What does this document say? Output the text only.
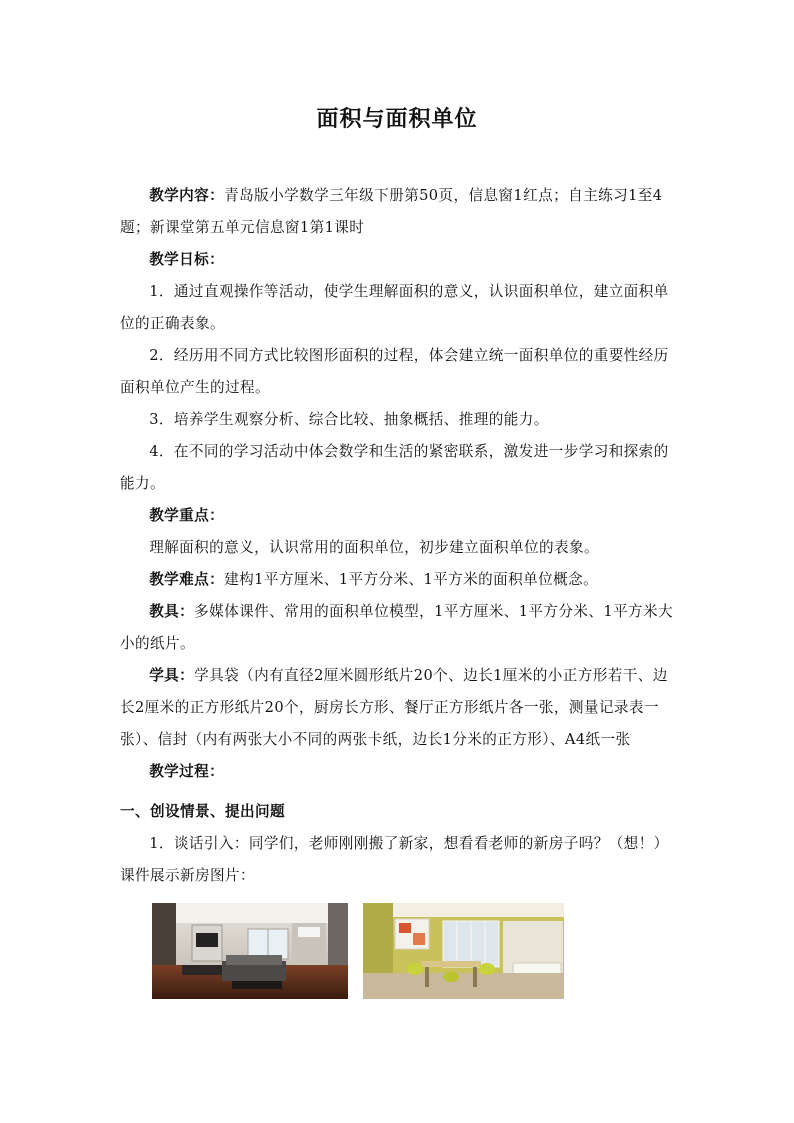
面积与面积单位

教学内容：青岛版小学数学三年级下册第50页，信息窗1红点；自主练习1至4题；新课堂第五单元信息窗1第1课时

教学日标：

1．通过直观操作等活动，使学生理解面积的意义，认识面积单位，建立面积单位的正确表象。

2．经历用不同方式比较图形面积的过程，体会建立统一面积单位的重要性经历面积单位产生的过程。

3．培养学生观察分析、综合比较、抽象概括、推理的能力。

4．在不同的学习活动中体会数学和生活的紧密联系，激发进一步学习和探索的能力。

教学重点：

理解面积的意义，认识常用的面积单位，初步建立面积单位的表象。

教学难点：建构1平方厘米、1平方分米、1平方米的面积单位概念。

教具：多媒体课件、常用的面积单位模型，1平方厘米、1平方分米、1平方米大小的纸片。

学具：学具袋（内有直径2厘米圆形纸片20个、边长1厘米的小正方形若干、边长2厘米的正方形纸片20个，厨房长方形、餐厅正方形纸片各一张，测量记录表一张）、信封（内有两张大小不同的两张卡纸，边长1分米的正方形）、A4纸一张

教学过程：

一、创设情景、提出问题

1．谈话引入：同学们，老师刚刚搬了新家，想看看老师的新房子吗？（想！）课件展示新房图片：
